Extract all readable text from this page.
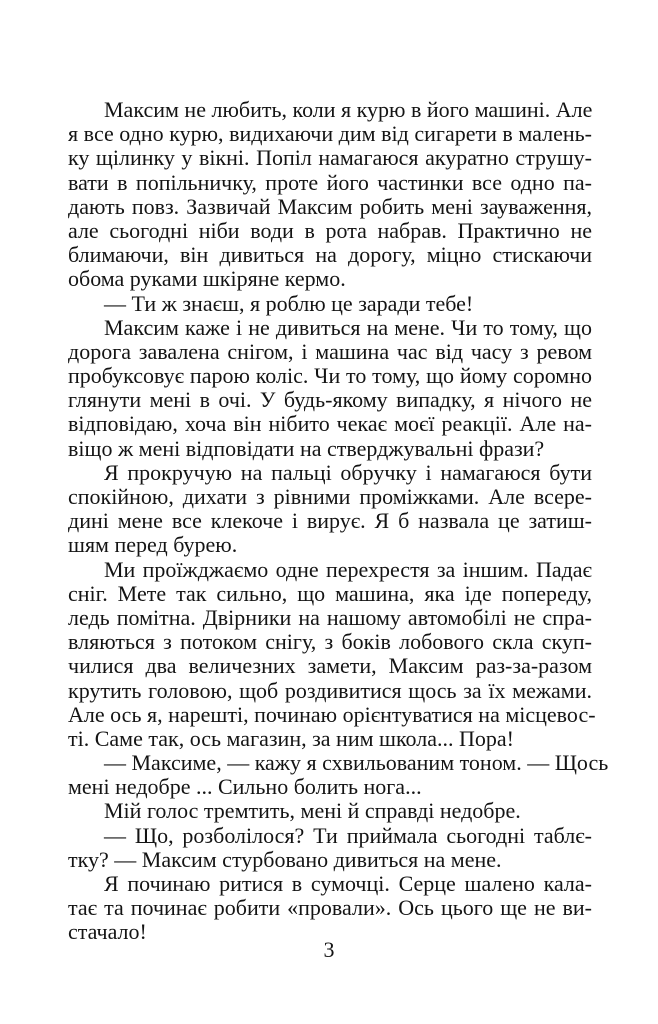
Максим не любить, коли я курю в його машині. Але
я все одно курю, видихаючи дим від сигарети в малень-
ку щілинку у вікні. Попіл намагаюся акуратно струшу-
вати в попільничку, проте його частинки все одно па-
дають повз. Зазвичай Максим робить мені зауваження,
але сьогодні ніби води в рота набрав. Практично не
блимаючи, він дивиться на дорогу, міцно стискаючи
обома руками шкіряне кермо.
— Ти ж знаєш, я роблю це заради тебе!
Максим каже і не дивиться на мене. Чи то тому, що
дорога завалена снігом, і машина час від часу з ревом
пробуксовує парою коліс. Чи то тому, що йому соромно
глянути мені в очі. У будь-якому випадку, я нічого не
відповідаю, хоча він нібито чекає моєї реакції. Але на-
віщо ж мені відповідати на стверджувальні фрази?
Я прокручую на пальці обручку і намагаюся бути
спокійною, дихати з рівними проміжками. Але всере-
дині мене все клекоче і вирує. Я б назвала це затиш-
шям перед бурею.
Ми проїжджаємо одне перехрестя за іншим. Падає
сніг. Мете так сильно, що машина, яка іде попереду,
ледь помітна. Двірники на нашому автомобілі не спра-
вляються з потоком снігу, з боків лобового скла скуп-
чилися два величезних замети, Максим раз-за-разом
крутить головою, щоб роздивитися щось за їх межами.
Але ось я, нарешті, починаю орієнтуватися на місцевос-
ті. Саме так, ось магазин, за ним школа... Пора!
— Максиме, — кажу я схвильованим тоном. — Щось
мені недобре ... Сильно болить нога...
Мій голос тремтить, мені й справді недобре.
— Що, розболілося? Ти приймала сьогодні таблє-
тку? — Максим стурбовано дивиться на мене.
Я починаю ритися в сумочці. Серце шалено кала-
тає та починає робити «провали». Ось цього ще не ви-
стачало!
3
